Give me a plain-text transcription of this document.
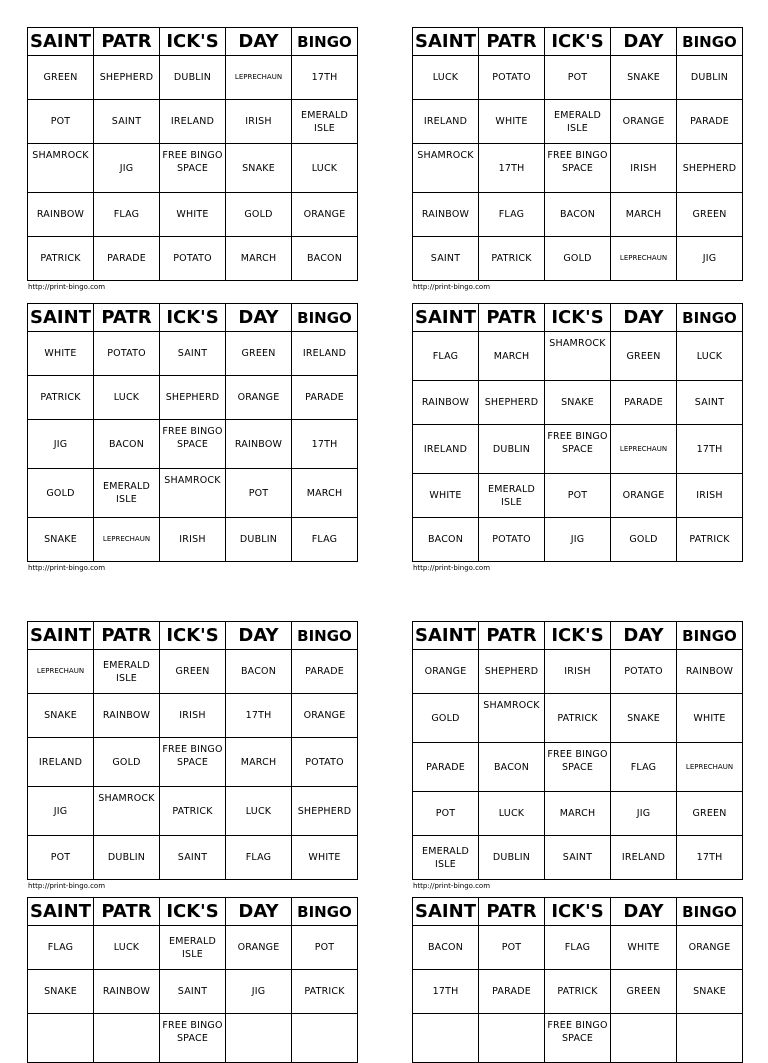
SAINT	PATR	ICK'S	DAY	BINGO
GREEN	SHEPHERD	DUBLIN	LEPRECHAUN	17TH
POT	SAINT	IRELAND	IRISH	EMERALD ISLE
SHAMROCK	JIG	FREE BINGO SPACE	SNAKE	LUCK
RAINBOW	FLAG	WHITE	GOLD	ORANGE
PATRICK	PARADE	POTATO	MARCH	BACON
http://print-bingo.com
SAINT	PATR	ICK'S	DAY	BINGO
LUCK	POTATO	POT	SNAKE	DUBLIN
IRELAND	WHITE	EMERALD ISLE	ORANGE	PARADE
SHAMROCK	17TH	FREE BINGO SPACE	IRISH	SHEPHERD
RAINBOW	FLAG	BACON	MARCH	GREEN
SAINT	PATRICK	GOLD	LEPRECHAUN	JIG
http://print-bingo.com
SAINT	PATR	ICK'S	DAY	BINGO
WHITE	POTATO	SAINT	GREEN	IRELAND
PATRICK	LUCK	SHEPHERD	ORANGE	PARADE
JIG	BACON	FREE BINGO SPACE	RAINBOW	17TH
GOLD	EMERALD ISLE	SHAMROCK	POT	MARCH
SNAKE	LEPRECHAUN	IRISH	DUBLIN	FLAG
http://print-bingo.com
SAINT	PATR	ICK'S	DAY	BINGO
FLAG	MARCH	SHAMROCK	GREEN	LUCK
RAINBOW	SHEPHERD	SNAKE	PARADE	SAINT
IRELAND	DUBLIN	FREE BINGO SPACE	LEPRECHAUN	17TH
WHITE	EMERALD ISLE	POT	ORANGE	IRISH
BACON	POTATO	JIG	GOLD	PATRICK
http://print-bingo.com
SAINT	PATR	ICK'S	DAY	BINGO
LEPRECHAUN	EMERALD ISLE	GREEN	BACON	PARADE
SNAKE	RAINBOW	IRISH	17TH	ORANGE
IRELAND	GOLD	FREE BINGO SPACE	MARCH	POTATO
JIG	SHAMROCK	PATRICK	LUCK	SHEPHERD
POT	DUBLIN	SAINT	FLAG	WHITE
http://print-bingo.com
SAINT	PATR	ICK'S	DAY	BINGO
ORANGE	SHEPHERD	IRISH	POTATO	RAINBOW
GOLD	SHAMROCK	PATRICK	SNAKE	WHITE
PARADE	BACON	FREE BINGO SPACE	FLAG	LEPRECHAUN
POT	LUCK	MARCH	JIG	GREEN
EMERALD ISLE	DUBLIN	SAINT	IRELAND	17TH
http://print-bingo.com
SAINT	PATR	ICK'S	DAY	BINGO
FLAG	LUCK	EMERALD ISLE	ORANGE	POT
SNAKE	RAINBOW	SAINT	JIG	PATRICK
		FREE BINGO SPACE		
SAINT	PATR	ICK'S	DAY	BINGO
BACON	POT	FLAG	WHITE	ORANGE
17TH	PARADE	PATRICK	GREEN	SNAKE
		FREE BINGO SPACE		
